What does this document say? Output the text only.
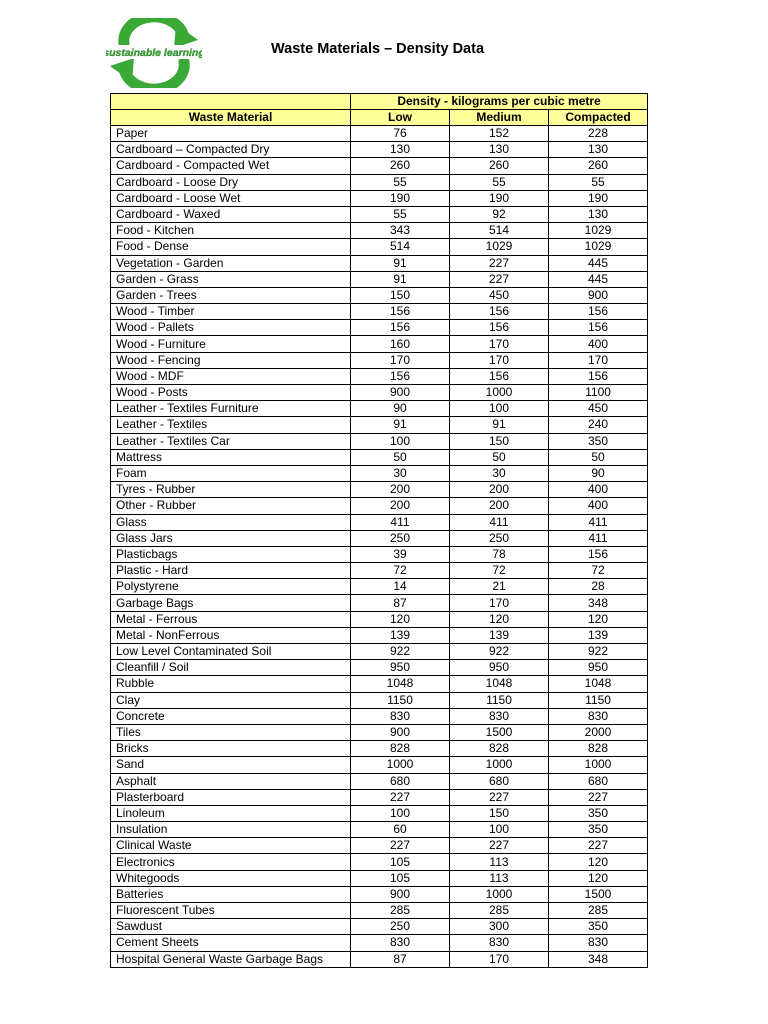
sustainable learning	Waste Materials – Density Data
	Density - kilograms per cubic metre		
Waste Material	Low	Medium	Compacted
Paper	76	152	228
Cardboard – Compacted Dry	130	130	130
Cardboard - Compacted Wet	260	260	260
Cardboard - Loose Dry	55	55	55
Cardboard - Loose Wet	190	190	190
Cardboard - Waxed	55	92	130
Food - Kitchen	343	514	1029
Food - Dense	514	1029	1029
Vegetation - Garden	91	227	445
Garden - Grass	91	227	445
Garden - Trees	150	450	900
Wood - Timber	156	156	156
Wood - Pallets	156	156	156
Wood - Furniture	160	170	400
Wood - Fencing	170	170	170
Wood - MDF	156	156	156
Wood - Posts	900	1000	1100
Leather - Textiles Furniture	90	100	450
Leather - Textiles	91	91	240
Leather - Textiles Car	100	150	350
Mattress	50	50	50
Foam	30	30	90
Tyres - Rubber	200	200	400
Other - Rubber	200	200	400
Glass	411	411	411
Glass Jars	250	250	411
Plasticbags	39	78	156
Plastic - Hard	72	72	72
Polystyrene	14	21	28
Garbage Bags	87	170	348
Metal - Ferrous	120	120	120
Metal - NonFerrous	139	139	139
Low Level Contaminated Soil	922	922	922
Cleanfill / Soil	950	950	950
Rubble	1048	1048	1048
Clay	1150	1150	1150
Concrete	830	830	830
Tiles	900	1500	2000
Bricks	828	828	828
Sand	1000	1000	1000
Asphalt	680	680	680
Plasterboard	227	227	227
Linoleum	100	150	350
Insulation	60	100	350
Clinical Waste	227	227	227
Electronics	105	113	120
Whitegoods	105	113	120
Batteries	900	1000	1500
Fluorescent Tubes	285	285	285
Sawdust	250	300	350
Cement Sheets	830	830	830
Hospital General Waste Garbage Bags	87	170	348
